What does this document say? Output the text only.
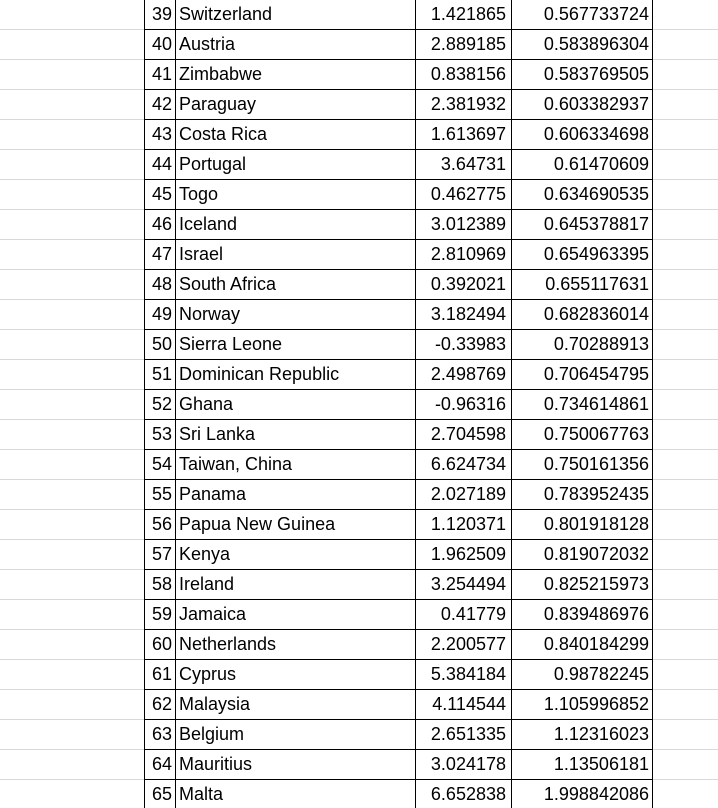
39 Switzerland	1.421865	0.567733724
40 Austria	2.889185	0.583896304
41 Zimbabwe	0.838156	0.583769505
42 Paraguay	2.381932	0.603382937
43 Costa Rica	1.613697	0.606334698
44 Portugal	3.64731	0.61470609
45 Togo	0.462775	0.634690535
46 Iceland	3.012389	0.645378817
47 Israel	2.810969	0.654963395
48 South Africa	0.392021	0.655117631
49 Norway	3.182494	0.682836014
50 Sierra Leone	-0.33983	0.70288913
51 Dominican Republic	2.498769	0.706454795
52 Ghana	-0.96316	0.734614861
53 Sri Lanka	2.704598	0.750067763
54 Taiwan, China	6.624734	0.750161356
55 Panama	2.027189	0.783952435
56 Papua New Guinea	1.120371	0.801918128
57 Kenya	1.962509	0.819072032
58 Ireland	3.254494	0.825215973
59 Jamaica	0.41779	0.839486976
60 Netherlands	2.200577	0.840184299
61 Cyprus	5.384184	0.98782245
62 Malaysia	4.114544	1.105996852
63 Belgium	2.651335	1.12316023
64 Mauritius	3.024178	1.13506181
65 Malta	6.652838	1.998842086
